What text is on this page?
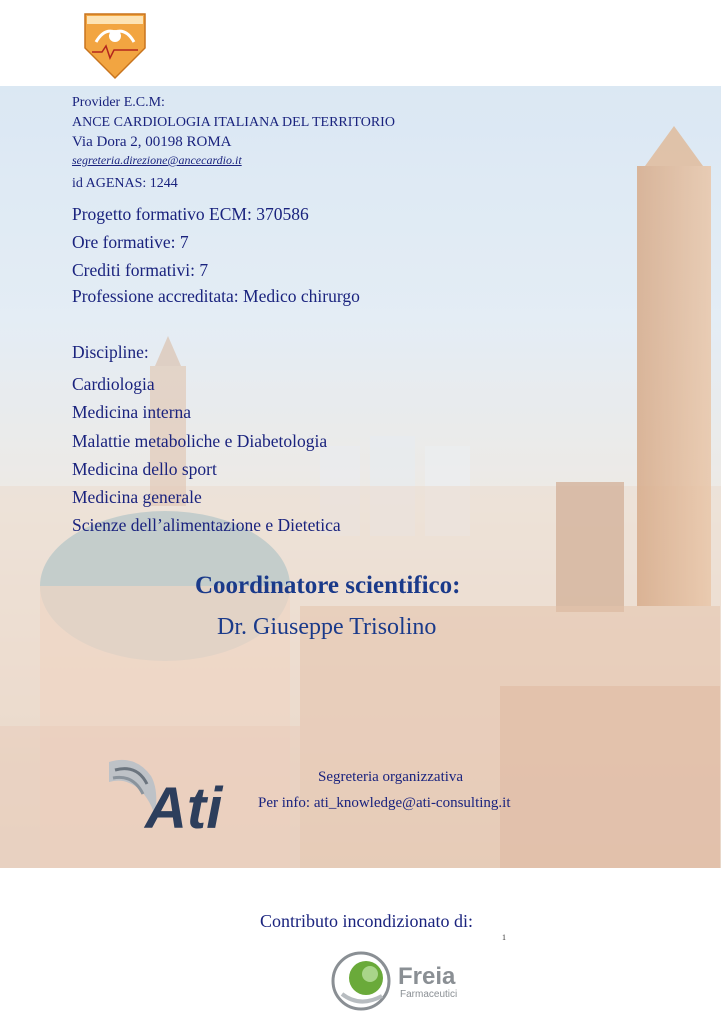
Provider E.C.M:
ANCE CARDIOLOGIA ITALIANA DEL TERRITORIO
Via Dora 2, 00198 ROMA
segreteria.direzione@ancecardio.it
id AGENAS: 1244
Progetto formativo ECM: 370586
Ore formative: 7
Crediti formativi: 7
Professione accreditata: Medico chirurgo
Discipline:
Cardiologia
Medicina interna
Malattie metaboliche e Diabetologia
Medicina dello sport
Medicina generale
Scienze dell’alimentazione e Dietetica
Coordinatore scientifico:
Dr. Giuseppe Trisolino
Ati	Segreteria organizzativa
Per info: ati_knowledge@ati-consulting.it
Contributo incondizionato di:
1
Freia
Farmaceutici
